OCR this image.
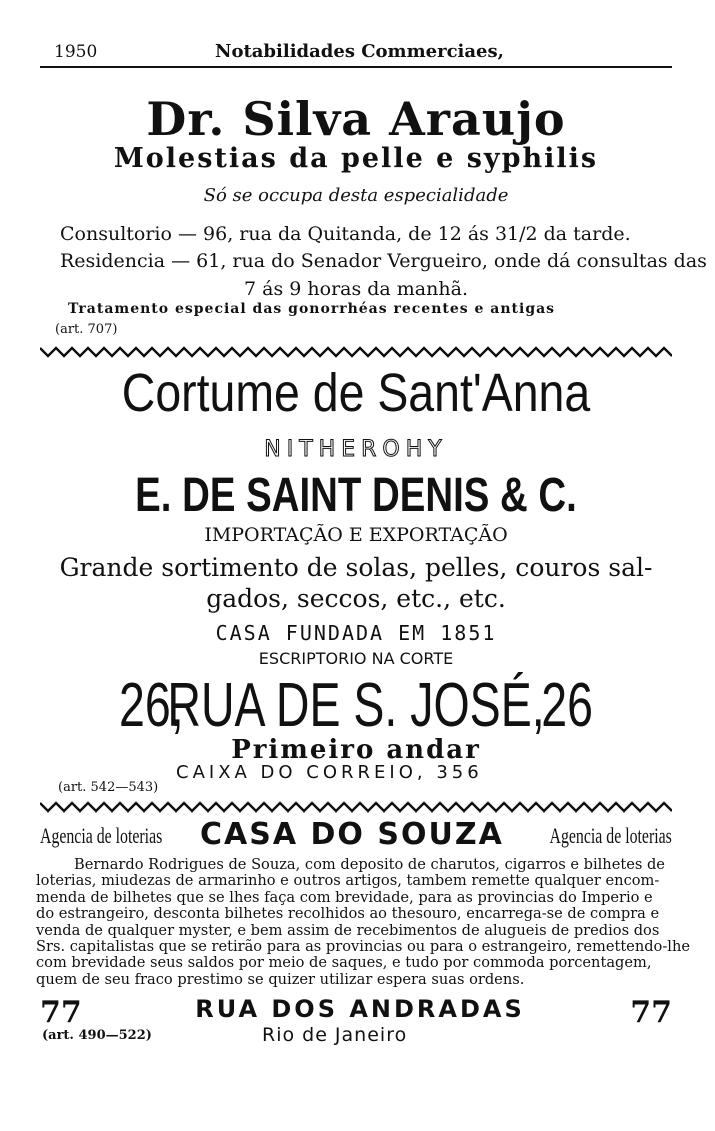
1950	Notabilidades Commerciaes,
Dr. Silva Araujo
Molestias da pelle e syphilis
Só se occupa desta especialidade
Consultorio — 96, rua da Quitanda, de 12 ás 31/2 da tarde.
Residencia — 61, rua do Senador Vergueiro, onde dá consultas das
7 ás 9 horas da manhã.
Tratamento especial das gonorrhéas recentes e antigas
(art. 707)
Cortume de Sant'Anna
NITHEROHY
E. DE SAINT DENIS & C.
IMPORTAÇÃO E EXPORTAÇÃO
Grande sortimento de solas, pelles, couros sal-
gados, seccos, etc., etc.
CASA FUNDADA EM 1851
ESCRIPTORIO NA CORTE
26,
RUA DE S. JOSÉ,
26
Primeiro andar
CAIXA DO CORREIO, 356
(art. 542—543)
Agencia de loterias CASA DO SOUZA Agencia de loterias
Bernardo Rodrigues de Souza, com deposito de charutos, cigarros e bilhetes de
loterias, miudezas de armarinho e outros artigos, tambem remette qualquer encom-
menda de bilhetes que se lhes faça com brevidade, para as provincias do Imperio e
do estrangeiro, desconta bilhetes recolhidos ao thesouro, encarrega-se de compra e
venda de qualquer myster, e bem assim de recebimentos de alugueis de predios dos
Srs. capitalistas que se retirão para as provincias ou para o estrangeiro, remettendo-lhe
com brevidade seus saldos por meio de saques, e tudo por commoda porcentagem,
quem de seu fraco prestimo se quizer utilizar espera suas ordens.
77	RUA DOS ANDRADAS	77
(art. 490—522)	Rio de Janeiro
